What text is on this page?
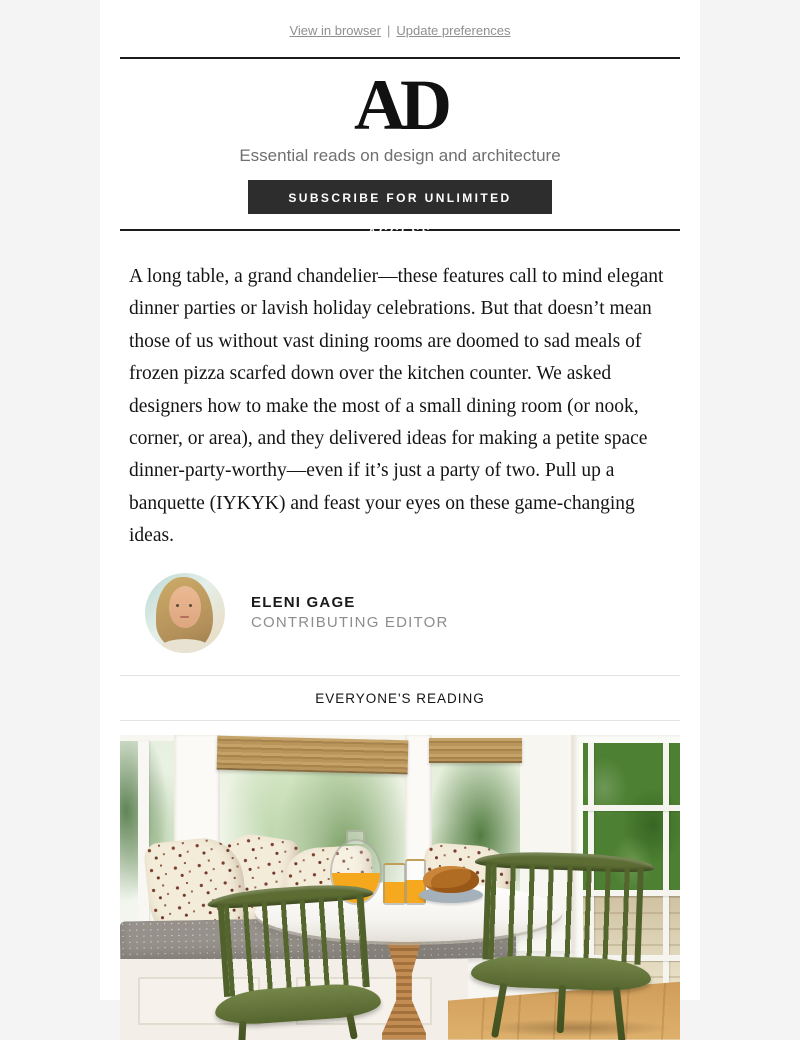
View in browser | Update preferences
AD
Essential reads on design and architecture
SUBSCRIBE FOR UNLIMITED ACCESS

A long table, a grand chandelier—these features call to mind elegant dinner parties or lavish holiday celebrations. But that doesn’t mean those of us without vast dining rooms are doomed to sad meals of frozen pizza scarfed down over the kitchen counter. We asked designers how to make the most of a small dining room (or nook, corner, or area), and they delivered ideas for making a petite space dinner-party-worthy—even if it’s just a party of two. Pull up a banquette (IYKYK) and feast your eyes on these game-changing ideas.

ELENI GAGE
CONTRIBUTING EDITOR
EVERYONE'S READING
